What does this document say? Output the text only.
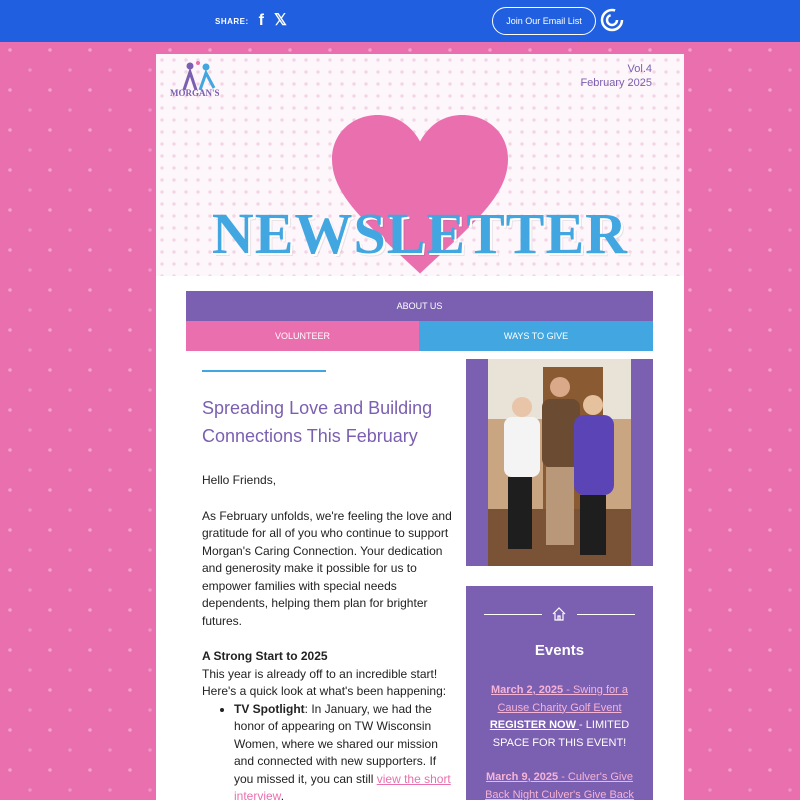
SHARE: f 𝕏	Join Our Email List
MORGAN'S
Vol.4
February 2025
NEWSLETTER
ABOUT US
VOLUNTEER	WAYS TO GIVE
Spreading Love and Building Connections This February
Hello Friends,
As February unfolds, we're feeling the love and gratitude for all of you who continue to support Morgan's Caring Connection. Your dedication and generosity make it possible for us to empower families with special needs dependents, helping them plan for brighter futures.
A Strong Start to 2025
This year is already off to an incredible start! Here's a quick look at what's been happening:
• TV Spotlight: In January, we had the honor of appearing on TW Wisconsin Women, where we shared our mission and connected with new supporters. If you missed it, you can still view the short interview.
Events
March 2, 2025 - Swing for a Cause Charity Golf Event
REGISTER NOW - LIMITED SPACE FOR THIS EVENT!
March 9, 2025 - Culver's Give Back Night Culver's Give Back
